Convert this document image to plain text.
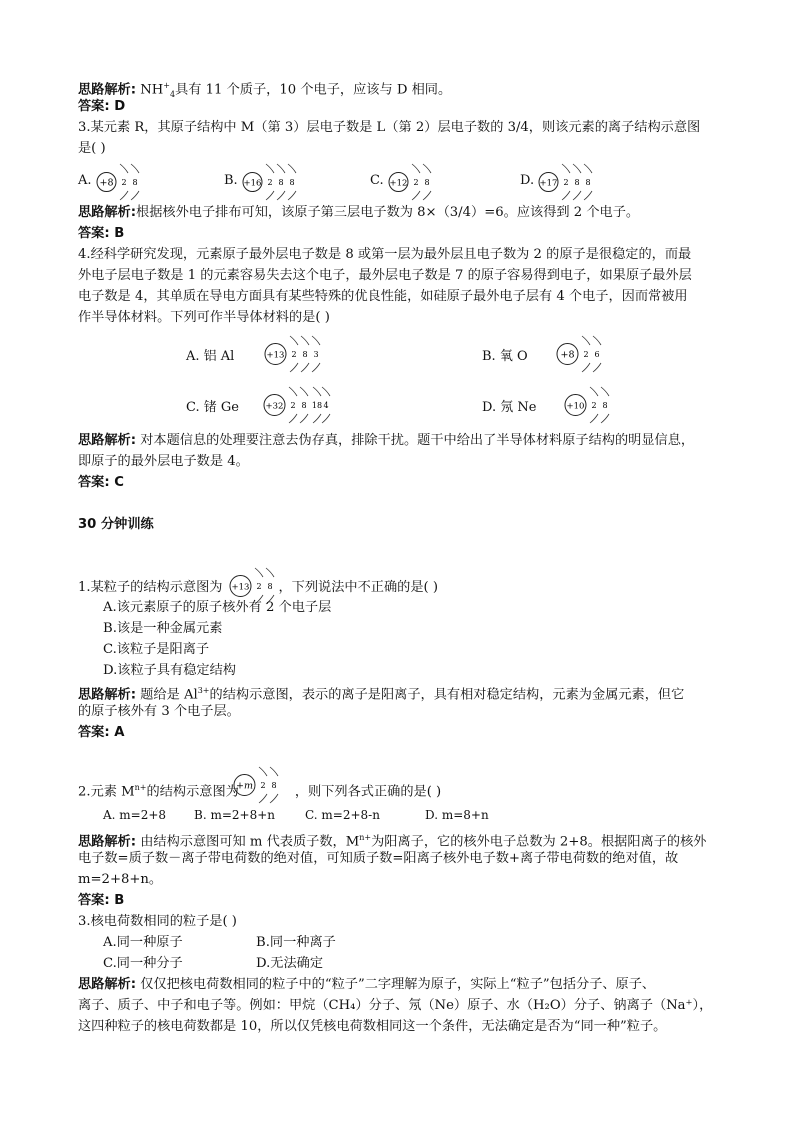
思路解析: $NH^+_4$具有 11 个质子，10 个电子，应该与 D 相同。
答案: D
3.某元素 R，其原子结构中 M（第 3）层电子数是 L（第 2）层电子数的 3/4，则该元素的离子结构示意图
是( )
A. +8 2 8	B. +16 2 8 8	C. +12 2 8	D. +17 2 8 8
思路解析:根据核外电子排布可知，该原子第三层电子数为 8×（3/4）=6。应该得到 2 个电子。
答案: B
4.经科学研究发现，元素原子最外层电子数是 8 或第一层为最外层且电子数为 2 的原子是很稳定的，而最
外电子层电子数是 1 的元素容易失去这个电子，最外层电子数是 7 的原子容易得到电子，如果原子最外层
电子数是 4，其单质在导电方面具有某些特殊的优良性能，如硅原子最外电子层有 4 个电子，因而常被用
作半导体材料。下列可作半导体材料的是( )
A. 铝 Al	+13 2 8 3	B. 氧 O	+8 2 6
C. 锗 Ge	+32 2 8 18 4	D. 氖 Ne	+10 2 8
思路解析: 对本题信息的处理要注意去伪存真，排除干扰。题干中给出了半导体材料原子结构的明显信息，
即原子的最外层电子数是 4。
答案: C
30 分钟训练
1.某粒子的结构示意图为	，下列说法中不正确的是( )
+13 2 8
A.该元素原子的原子核外有 2 个电子层
B.该是一种金属元素
C.该粒子是阳离子
D.该粒子具有稳定结构
思路解析: 题给是 $Al^{3+}$的结构示意图，表示的离子是阳离子，具有相对稳定结构，元素为金属元素，但它
的原子核外有 3 个电子层。
答案: A
2.元素 $M^{n+}$的结构示意图为	，则下列各式正确的是( )
+m 2 8
A. m=2+8 B. m=2+8+n	C. m=2+8-n	D. m=8+n
思路解析: 由结构示意图可知 m 代表质子数，$M^{n+}$为阳离子，它的核外电子总数为 2+8。根据阳离子的核外
电子数=质子数－离子带电荷数的绝对值，可知质子数=阳离子核外电子数+离子带电荷数的绝对值，故
m=2+8+n。
答案: B
3.核电荷数相同的粒子是( )
A.同一种原子	B.同一种离子
C.同一种分子	D.无法确定
思路解析: 仅仅把核电荷数相同的粒子中的“粒子”二字理解为原子，实际上“粒子”包括分子、原子、
离子、质子、中子和电子等。例如：甲烷（CH₄）分子、氖（Ne）原子、水（H₂O）分子、钠离子（Na⁺），
这四种粒子的核电荷数都是 10，所以仅凭核电荷数相同这一个条件，无法确定是否为“同一种”粒子。
